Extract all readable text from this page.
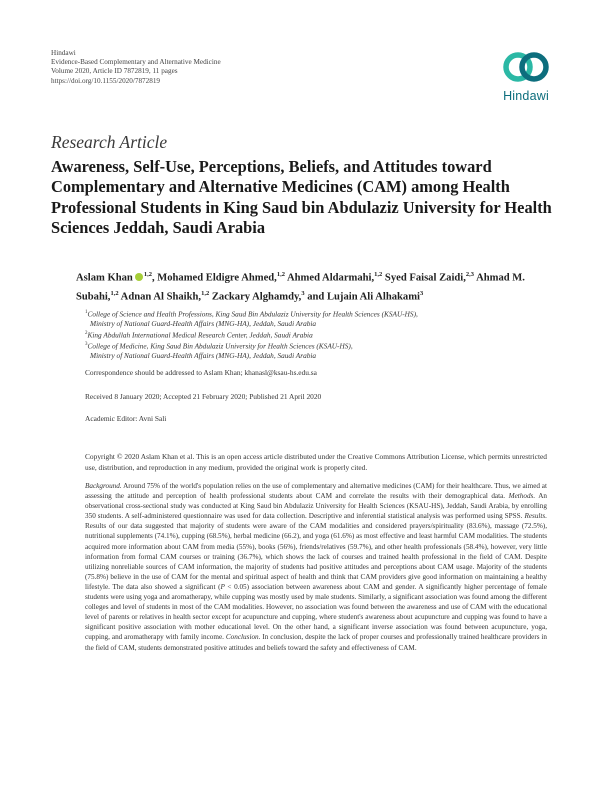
Hindawi
Evidence-Based Complementary and Alternative Medicine
Volume 2020, Article ID 7872819, 11 pages
https://doi.org/10.1155/2020/7872819
Hindawi
Research Article
Awareness, Self-Use, Perceptions, Beliefs, and Attitudes toward Complementary and Alternative Medicines (CAM) among Health Professional Students in King Saud bin Abdulaziz University for Health Sciences Jeddah, Saudi Arabia
Aslam Khan $^{1,2}$, Mohamed Eldigre Ahmed,$^{1,2}$ Ahmed Aldarmahi,$^{1,2}$ Syed Faisal Zaidi,$^{2,3}$ Ahmad M. Subahi,$^{1,2}$ Adnan Al Shaikh,$^{1,2}$ Zackary Alghamdy,$^3$ and Lujain Ali Alhakami$^3$
$^1$College of Science and Health Professions, King Saud Bin Abdulaziz University for Health Sciences (KSAU-HS),
Ministry of National Guard-Health Affairs (MNG-HA), Jeddah, Saudi Arabia
$^2$King Abdullah International Medical Research Center, Jeddah, Saudi Arabia
$^3$College of Medicine, King Saud Bin Abdulaziz University for Health Sciences (KSAU-HS),
Ministry of National Guard-Health Affairs (MNG-HA), Jeddah, Saudi Arabia
Correspondence should be addressed to Aslam Khan; khanasl@ksau-hs.edu.sa
Received 8 January 2020; Accepted 21 February 2020; Published 21 April 2020
Academic Editor: Avni Sali
Copyright © 2020 Aslam Khan et al. This is an open access article distributed under the Creative Commons Attribution License, which permits unrestricted use, distribution, and reproduction in any medium, provided the original work is properly cited.
Background. Around 75% of the world's population relies on the use of complementary and alternative medicines (CAM) for their healthcare. Thus, we aimed at assessing the attitude and perception of health professional students about CAM and correlate the results with their demographical data. Methods. An observational cross-sectional study was conducted at King Saud bin Abdulaziz University for Health Sciences (KSAU-HS), Jeddah, Saudi Arabia, by enrolling 350 students. A self-administered questionnaire was used for data collection. Descriptive and inferential statistical analysis was performed using SPSS. Results. Results of our data suggested that majority of students were aware of the CAM modalities and considered prayers/spirituality (83.6%), massage (72.5%), nutritional supplements (74.1%), cupping (68.5%), herbal medicine (66.2), and yoga (61.6%) as most effective and least harmful CAM modalities. The students acquired more information about CAM from media (55%), books (56%), friends/relatives (59.7%), and other health professionals (58.4%), however, very little information from formal CAM courses or training (36.7%), which shows the lack of courses and trained health professional in the field of CAM. Despite utilizing nonreliable sources of CAM information, the majority of students had positive attitudes and perceptions about CAM usage. Majority of the students (75.8%) believe in the use of CAM for the mental and spiritual aspect of health and think that CAM providers give good information on maintaining a healthy lifestyle. The data also showed a significant (P < 0.05) association between awareness about CAM and gender. A significantly higher percentage of female students were using yoga and aromatherapy, while cupping was mostly used by male students. Similarly, a significant association was found among the different colleges and level of students in most of the CAM modalities. However, no association was found between the awareness and use of CAM with the educational level of parents or relatives in health sector except for acupuncture and cupping, where student's awareness about acupuncture and cupping was found to have a significant positive association with mother educational level. On the other hand, a significant inverse association was found between acupuncture, yoga, cupping, and aromatherapy with family income. Conclusion. In conclusion, despite the lack of proper courses and professionally trained healthcare providers in the field of CAM, students demonstrated positive attitudes and beliefs toward the safety and effectiveness of CAM.
